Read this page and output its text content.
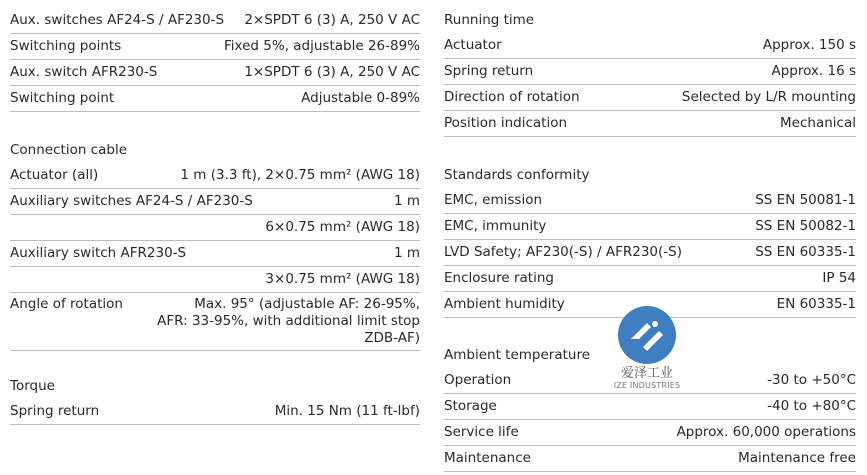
Aux. switches AF24-S / AF230-S	2×SPDT 6 (3) A, 250 V AC
Switching points	Fixed 5%, adjustable 26-89%
Aux. switch AFR230-S	1×SPDT 6 (3) A, 250 V AC
Switching point	Adjustable 0-89%
Connection cable
Actuator (all)	1 m (3.3 ft), 2×0.75 mm² (AWG 18)
Auxiliary switches AF24-S / AF230-S	1 m
6×0.75 mm² (AWG 18)
Auxiliary switch AFR230-S	1 m
3×0.75 mm² (AWG 18)
Angle of rotation	Max. 95° (adjustable AF: 26-95%,
AFR: 33-95%, with additional limit stop ZDB-AF)
Torque
Spring return	Min. 15 Nm (11 ft-lbf)
Running time
Actuator	Approx. 150 s
Spring return	Approx. 16 s
Direction of rotation	Selected by L/R mounting
Position indication	Mechanical
Standards conformity
EMC, emission	SS EN 50081-1
EMC, immunity	SS EN 50082-1
LVD Safety; AF230(-S) / AFR230(-S)	SS EN 60335-1
Enclosure rating	IP 54
Ambient humidity	EN 60335-1
Ambient temperature
Operation	-30 to +50°C
Storage	-40 to +80°C
Service life	Approx. 60,000 operations
Maintenance	Maintenance free
爱泽工业
IZE INDUSTRIES
